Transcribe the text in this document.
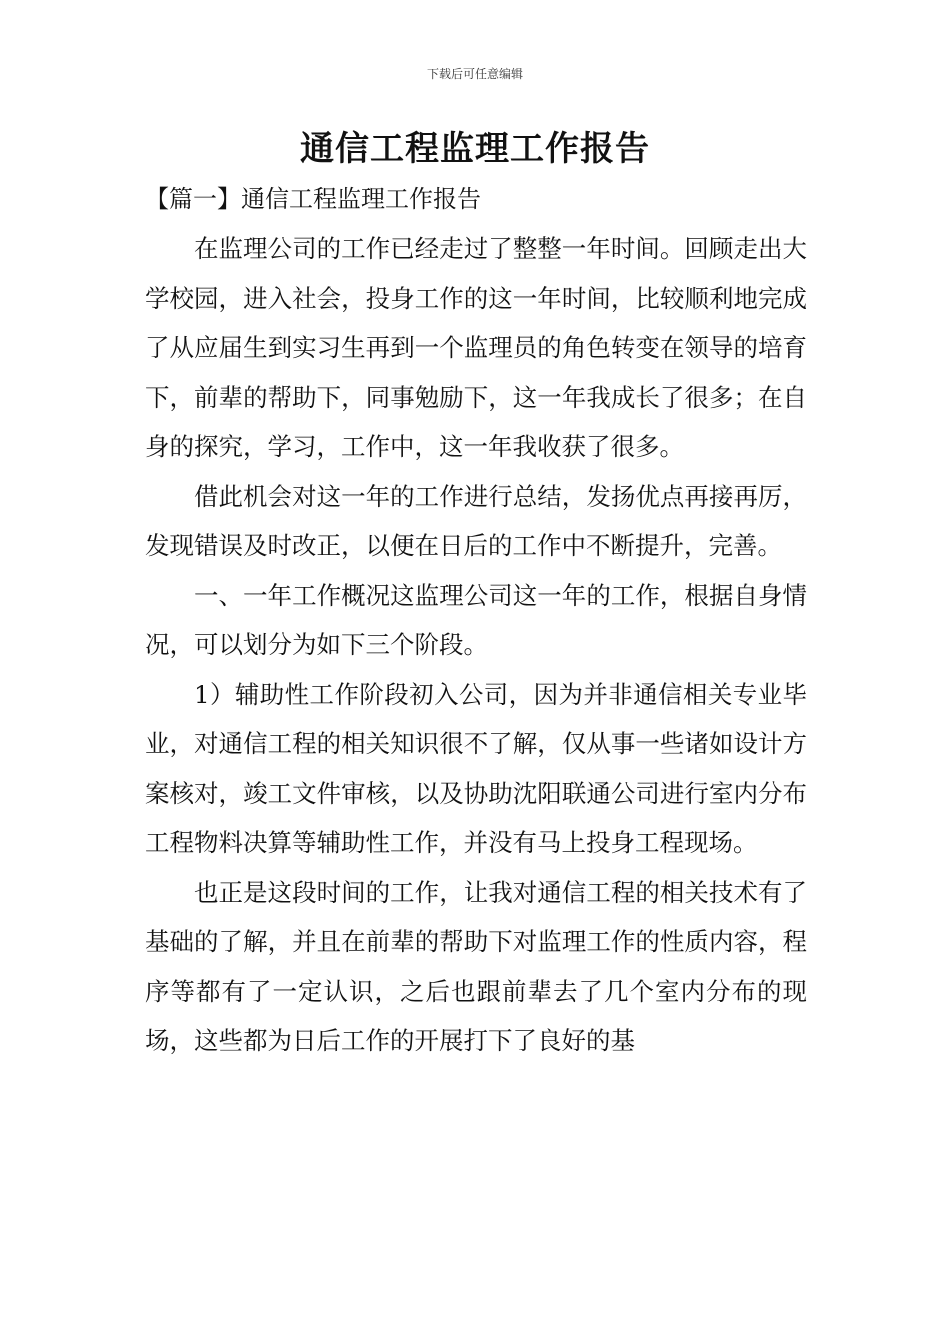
下载后可任意编辑
通信工程监理工作报告
【篇一】通信工程监理工作报告

在监理公司的工作已经走过了整整一年时间。回顾走出大学校园，进入社会，投身工作的这一年时间，比较顺利地完成了从应届生到实习生再到一个监理员的角色转变在领导的培育下，前辈的帮助下，同事勉励下，这一年我成长了很多；在自身的探究，学习，工作中，这一年我收获了很多。

借此机会对这一年的工作进行总结，发扬优点再接再厉，发现错误及时改正，以便在日后的工作中不断提升，完善。

一、一年工作概况这监理公司这一年的工作，根据自身情况，可以划分为如下三个阶段。

1）辅助性工作阶段初入公司，因为并非通信相关专业毕业，对通信工程的相关知识很不了解，仅从事一些诸如设计方案核对，竣工文件审核，以及协助沈阳联通公司进行室内分布工程物料决算等辅助性工作，并没有马上投身工程现场。

也正是这段时间的工作，让我对通信工程的相关技术有了基础的了解，并且在前辈的帮助下对监理工作的性质内容，程序等都有了一定认识，之后也跟前辈去了几个室内分布的现场，这些都为日后工作的开展打下了良好的基
